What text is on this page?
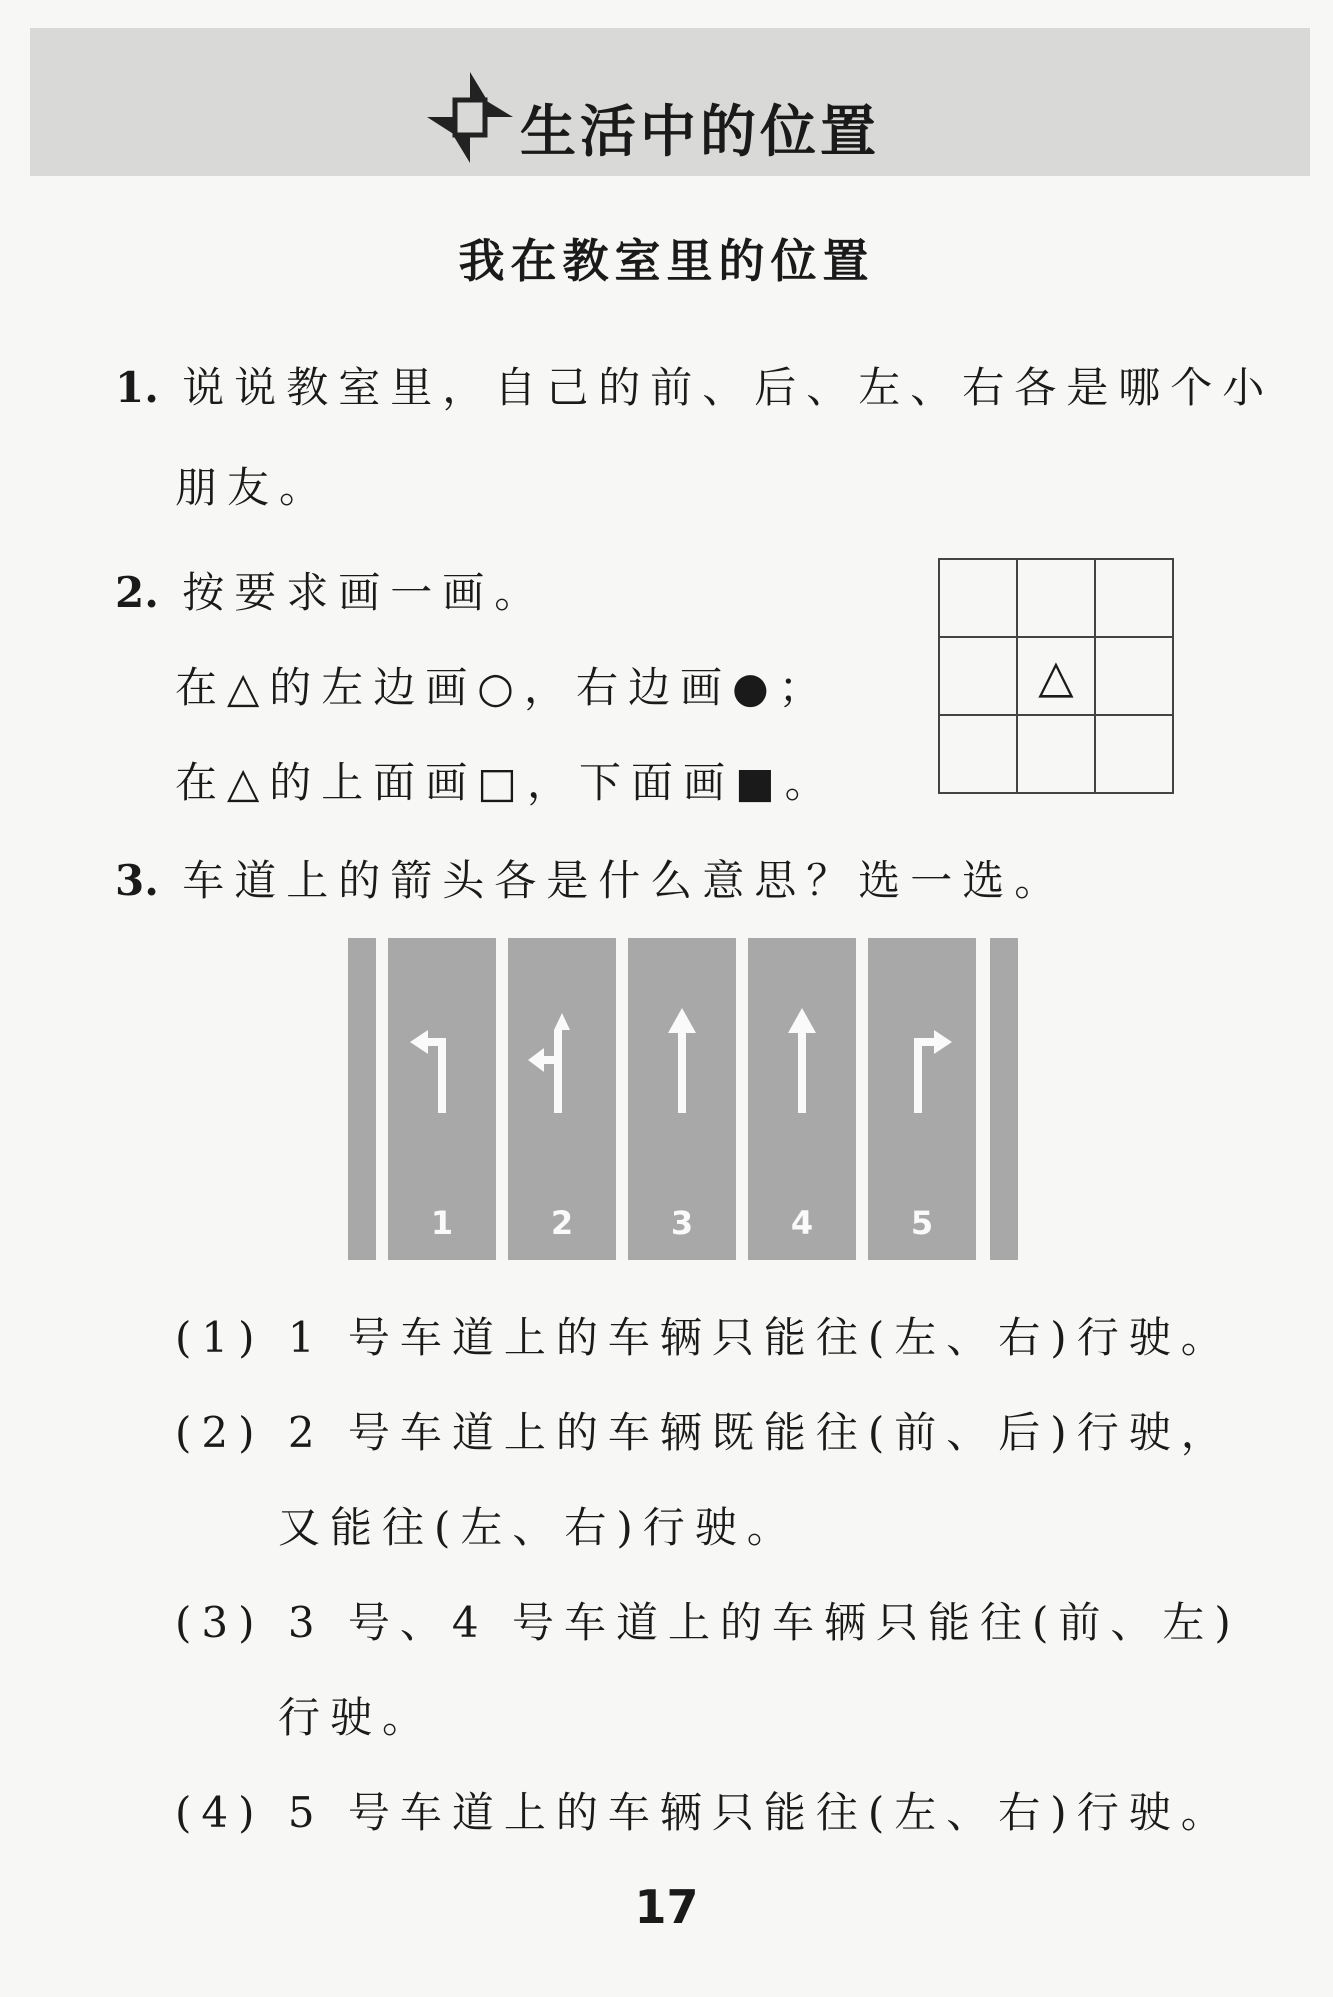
生活中的位置
我在教室里的位置
1. 说说教室里，自己的前、后、左、右各是哪个小
朋友。
2. 按要求画一画。
在△的左边画○，右边画●；
在△的上面画□，下面画■。
△
3. 车道上的箭头各是什么意思？选一选。
1	2	3	4	5
(1) 1 号车道上的车辆只能往(左、右)行驶。
(2) 2 号车道上的车辆既能往(前、后)行驶，
又能往(左、右)行驶。
(3) 3 号、4 号车道上的车辆只能往(前、左)
行驶。
(4) 5 号车道上的车辆只能往(左、右)行驶。
17
